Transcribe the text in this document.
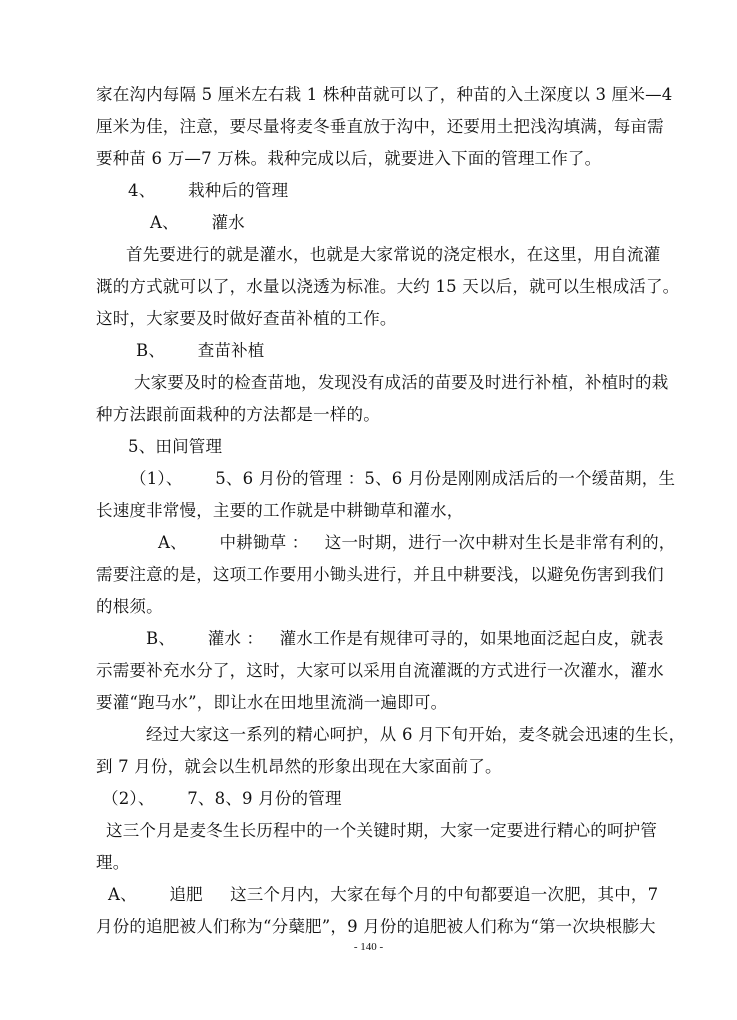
家在沟内每隔 5 厘米左右栽 1 株种苗就可以了，种苗的入土深度以 3 厘米—4
厘米为佳，注意，要尽量将麦冬垂直放于沟中，还要用土把浅沟填满，每亩需
要种苗 6 万—7 万株。栽种完成以后，就要进入下面的管理工作了。
4、      栽种后的管理
A、      灌水
首先要进行的就是灌水，也就是大家常说的浇定根水，在这里，用自流灌
溉的方式就可以了，水量以浇透为标准。大约 15 天以后，就可以生根成活了。
这时，大家要及时做好查苗补植的工作。
B、      查苗补植
大家要及时的检查苗地，发现没有成活的苗要及时进行补植，补植时的栽
种方法跟前面栽种的方法都是一样的。
5、田间管理
（1）、      5、6 月份的管理 ：5、6 月份是刚刚成活后的一个缓苗期，生
长速度非常慢，主要的工作就是中耕锄草和灌水，
A、      中耕锄草 ：   这一时期，进行一次中耕对生长是非常有利的，
需要注意的是，这项工作要用小锄头进行，并且中耕要浅，以避免伤害到我们
的根须。
B、      灌水 ：   灌水工作是有规律可寻的，如果地面泛起白皮，就表
示需要补充水分了，这时，大家可以采用自流灌溉的方式进行一次灌水，灌水
要灌“跑马水”，即让水在田地里流淌一遍即可。
经过大家这一系列的精心呵护，从 6 月下旬开始，麦冬就会迅速的生长，
到 7 月份，就会以生机昂然的形象出现在大家面前了。
（2）、      7、8、9 月份的管理
这三个月是麦冬生长历程中的一个关键时期，大家一定要进行精心的呵护管
理。
A、      追肥     这三个月内，大家在每个月的中旬都要追一次肥，其中，7
月份的追肥被人们称为“分蘖肥”，9 月份的追肥被人们称为“第一次块根膨大
- 140 -
